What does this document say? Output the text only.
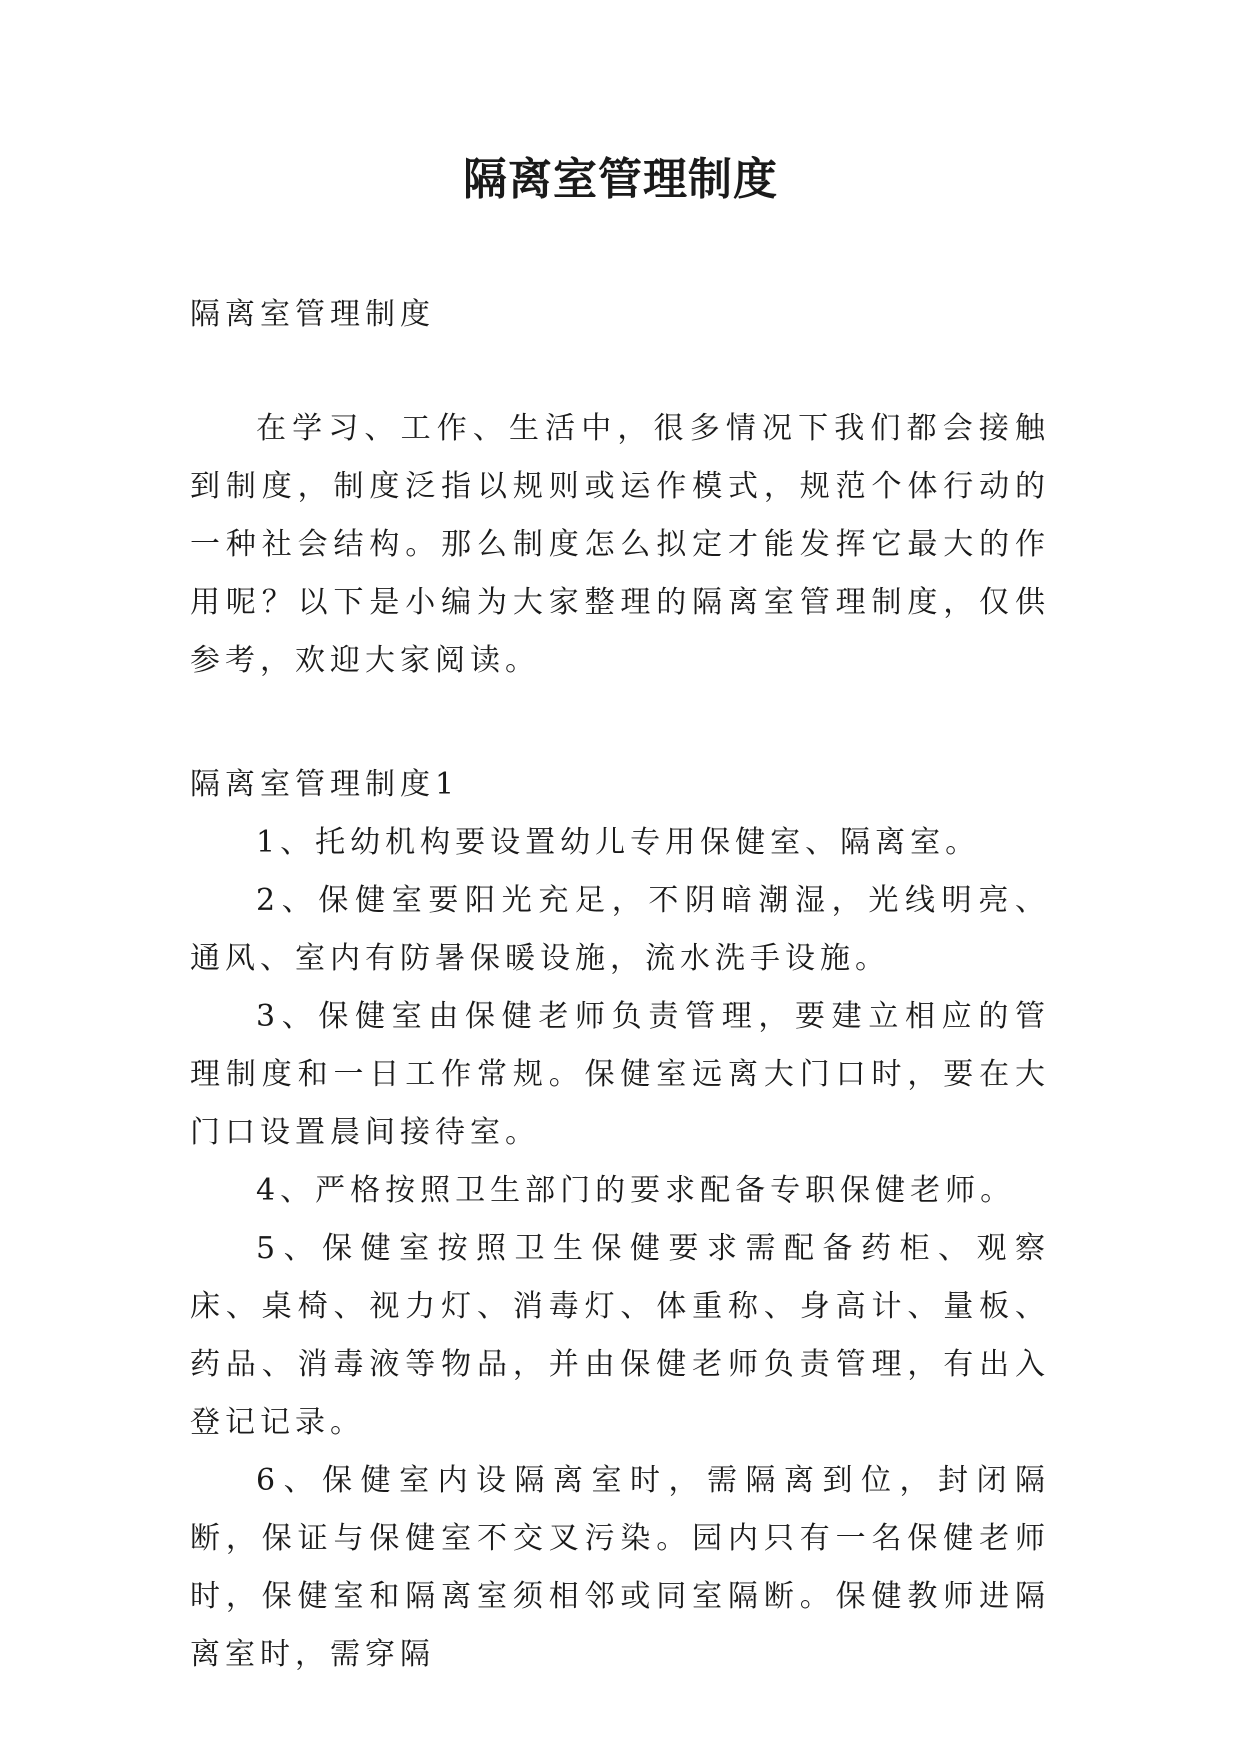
隔离室管理制度

隔离室管理制度

在学习、工作、生活中，很多情况下我们都会接触到制度，制度泛指以规则或运作模式，规范个体行动的一种社会结构。那么制度怎么拟定才能发挥它最大的作用呢？以下是小编为大家整理的隔离室管理制度，仅供参考，欢迎大家阅读。

隔离室管理制度1

1、托幼机构要设置幼儿专用保健室、隔离室。

2、保健室要阳光充足，不阴暗潮湿，光线明亮、通风、室内有防暑保暖设施，流水洗手设施。

3、保健室由保健老师负责管理，要建立相应的管理制度和一日工作常规。保健室远离大门口时，要在大门口设置晨间接待室。

4、严格按照卫生部门的要求配备专职保健老师。

5、保健室按照卫生保健要求需配备药柜、观察床、桌椅、视力灯、消毒灯、体重称、身高计、量板、药品、消毒液等物品，并由保健老师负责管理，有出入登记记录。

6、保健室内设隔离室时，需隔离到位，封闭隔断，保证与保健室不交叉污染。园内只有一名保健老师时，保健室和隔离室须相邻或同室隔断。保健教师进隔离室时，需穿隔
